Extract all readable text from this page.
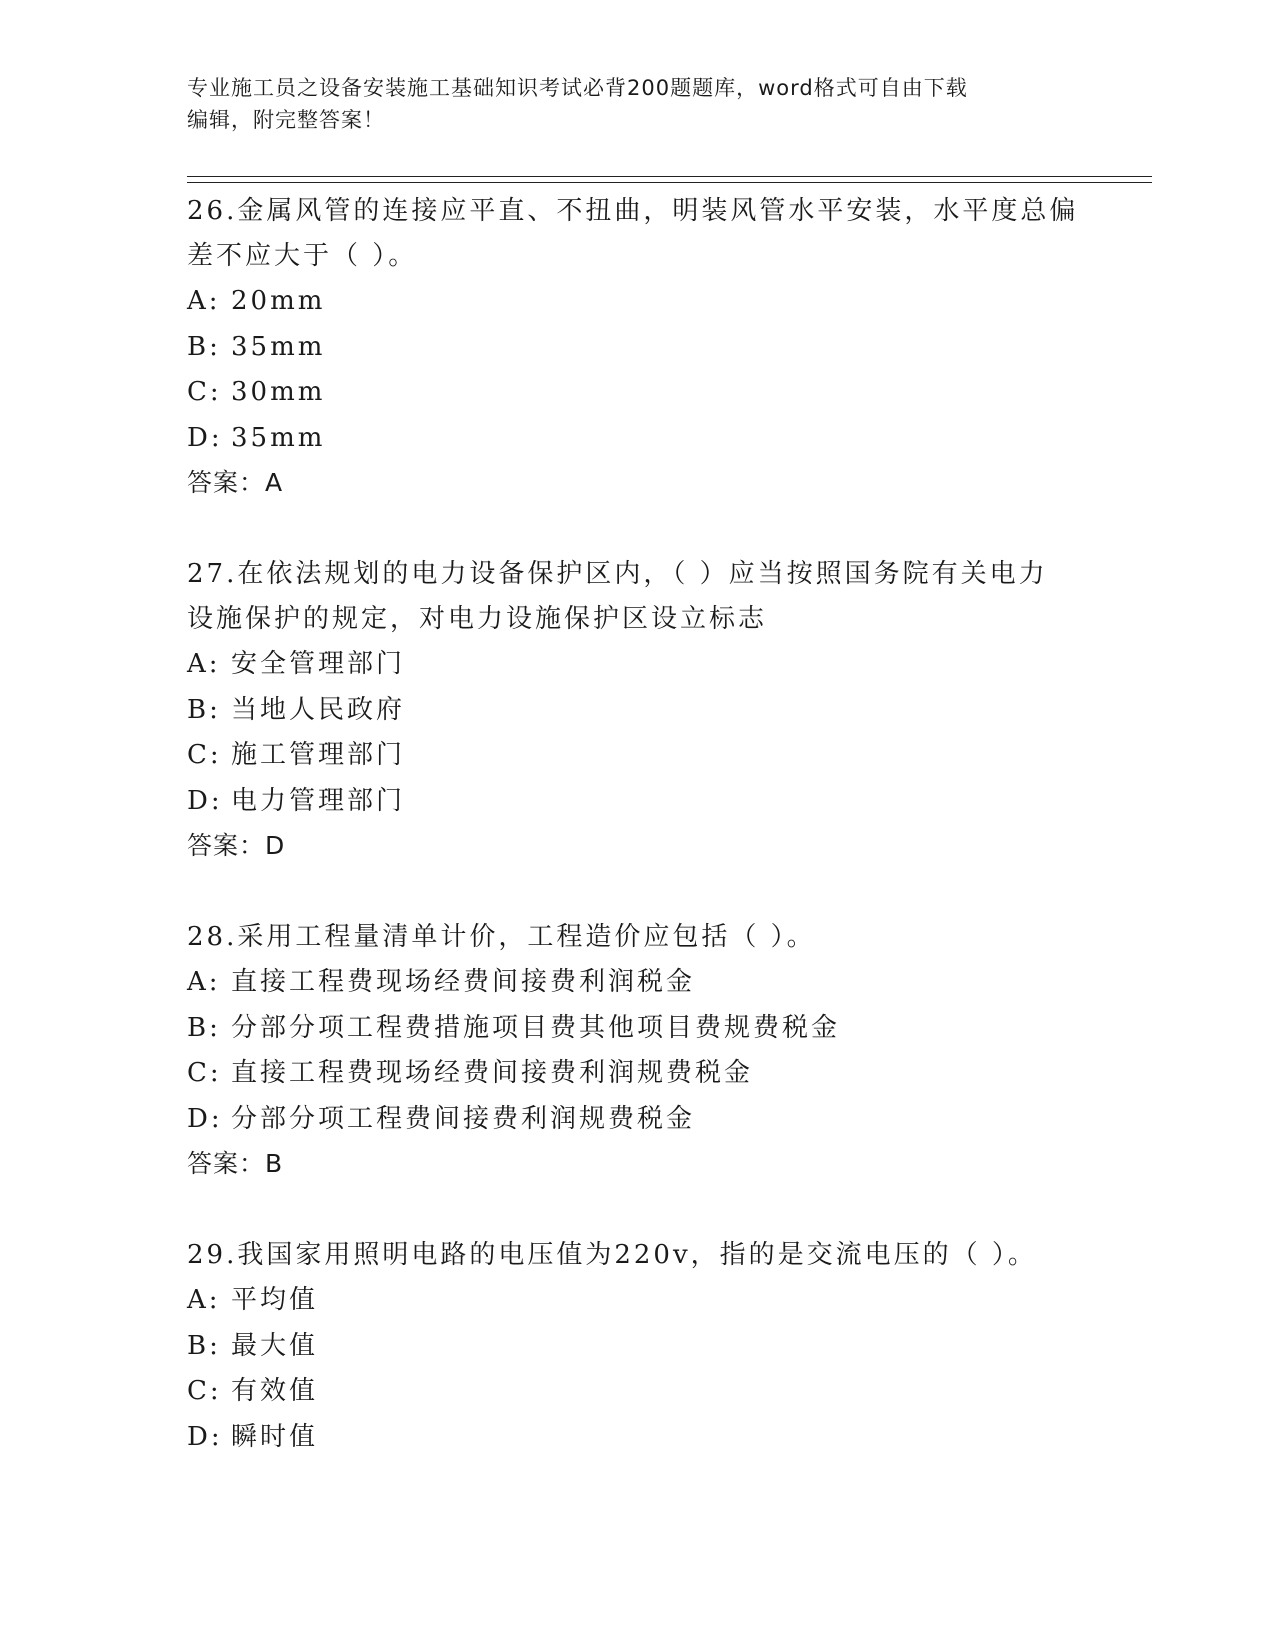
专业施工员之设备安装施工基础知识考试必背200题题库，word格式可自由下载
编辑，附完整答案！
26.金属风管的连接应平直、不扭曲，明装风管水平安装，水平度总偏
差不应大于（ ）。
A: 20mm
B: 35mm
C: 30mm
D: 35mm
答案：A
27.在依法规划的电力设备保护区内，（ ）应当按照国务院有关电力
设施保护的规定，对电力设施保护区设立标志
A: 安全管理部门
B: 当地人民政府
C: 施工管理部门
D: 电力管理部门
答案：D
28.采用工程量清单计价，工程造价应包括（ ）。
A: 直接工程费现场经费间接费利润税金
B: 分部分项工程费措施项目费其他项目费规费税金
C: 直接工程费现场经费间接费利润规费税金
D: 分部分项工程费间接费利润规费税金
答案：B
29.我国家用照明电路的电压值为220v，指的是交流电压的（ ）。
A: 平均值
B: 最大值
C: 有效值
D: 瞬时值
